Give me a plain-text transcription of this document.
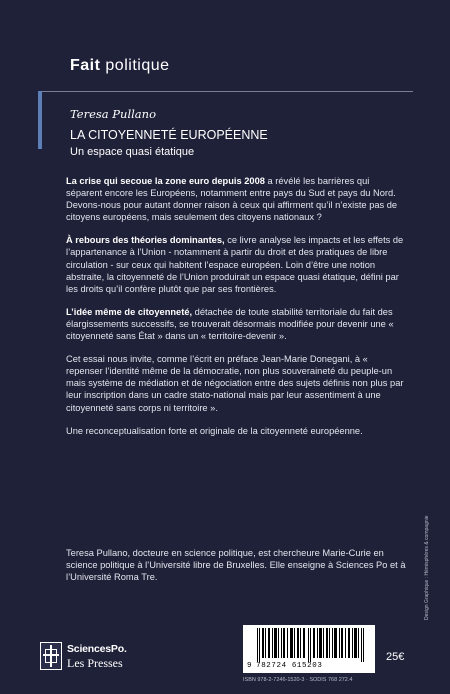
Fait politique
Teresa Pullano
LA CITOYENNETÉ EUROPÉENNE
Un espace quasi étatique

La crise qui secoue la zone euro depuis 2008 a révélé les barrières qui séparent encore les Européens, notamment entre pays du Sud et pays du Nord. Devons-nous pour autant donner raison à ceux qui affirment qu’il n’existe pas de citoyens européens, mais seulement des citoyens nationaux ?

À rebours des théories dominantes, ce livre analyse les impacts et les effets de l’appartenance à l’Union - notamment à partir du droit et des pratiques de libre circulation - sur ceux qui habitent l’espace européen. Loin d’être une notion abstraite, la citoyenneté de l’Union produirait un espace quasi étatique, défini par les droits qu’il confère plutôt que par ses frontières.

L’idée même de citoyenneté, détachée de toute stabilité territoriale du fait des élargissements successifs, se trouverait désormais modifiée pour devenir une « citoyenneté sans État » dans un « territoire-devenir ».

Cet essai nous invite, comme l’écrit en préface Jean-Marie Donegani, à « repenser l’identité même de la démocratie, non plus souveraineté du peuple-un mais système de médiation et de négociation entre des sujets définis non plus par leur inscription dans un cadre stato-national mais par leur assentiment à une citoyenneté sans corps ni territoire ».

Une reconceptualisation forte et originale de la citoyenneté européenne.

Teresa Pullano, docteure en science politique, est chercheure Marie-Curie en science politique à l’Université libre de Bruxelles. Elle enseigne à Sciences Po et à l’Université Roma Tre.	Design Graphique : Hémisphères & compagnie
SciencesPo.
Les Presses	9 782724 615203
25€
ISBN 978-2-7246-1520-3 · SODIS 768 272.4
